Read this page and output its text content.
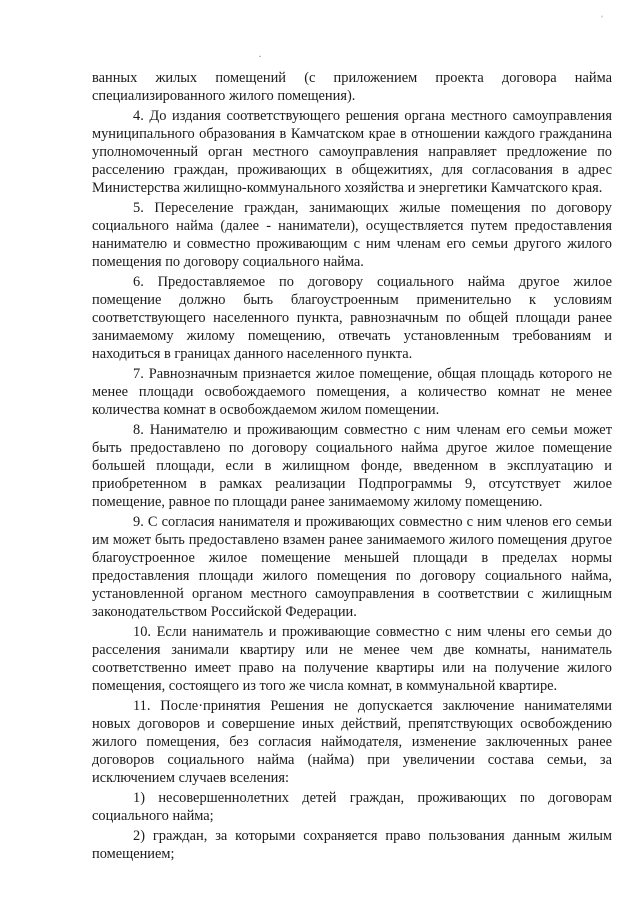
ˈ
·

ванных жилых помещений (с приложением проекта договора найма специализированного жилого помещения).

4. До издания соответствующего решения органа местного самоуправления муниципального образования в Камчатском крае в отношении каждого гражданина уполномоченный орган местного самоуправления направляет предложение по расселению граждан, проживающих в общежитиях, для согласования в адрес Министерства жилищно-коммунального хозяйства и энергетики Камчатского края.

5. Переселение граждан, занимающих жилые помещения по договору социального найма (далее - наниматели), осуществляется путем предоставления нанимателю и совместно проживающим с ним членам его семьи другого жилого помещения по договору социального найма.

6. Предоставляемое по договору социального найма другое жилое помещение должно быть благоустроенным применительно к условиям соответствующего населенного пункта, равнозначным по общей площади ранее занимаемому жилому помещению, отвечать установленным требованиям и находиться в границах данного населенного пункта.

7. Равнозначным признается жилое помещение, общая площадь которого не менее площади освобождаемого помещения, а количество комнат не менее количества комнат в освобождаемом жилом помещении.

8. Нанимателю и проживающим совместно с ним членам его семьи может быть предоставлено по договору социального найма другое жилое помещение большей площади, если в жилищном фонде, введенном в эксплуатацию и приобретенном в рамках реализации Подпрограммы 9, отсутствует жилое помещение, равное по площади ранее занимаемому жилому помещению.

9. С согласия нанимателя и проживающих совместно с ним членов его семьи им может быть предоставлено взамен ранее занимаемого жилого помещения другое благоустроенное жилое помещение меньшей площади в пределах нормы предоставления площади жилого помещения по договору социального найма, установленной органом местного самоуправления в соответствии с жилищным законодательством Российской Федерации.

10. Если наниматель и проживающие совместно с ним члены его семьи до расселения занимали квартиру или не менее чем две комнаты, наниматель соответственно имеет право на получение квартиры или на получение жилого помещения, состоящего из того же числа комнат, в коммунальной квартире.

11. После·принятия Решения не допускается заключение нанимателями новых договоров и совершение иных действий, препятствующих освобождению жилого помещения, без согласия наймодателя, изменение заключенных ранее договоров социального найма (найма) при увеличении состава семьи, за исключением случаев вселения:

1) несовершеннолетних детей граждан, проживающих по договорам социального найма;

2) граждан, за которыми сохраняется право пользования данным жилым помещением;
